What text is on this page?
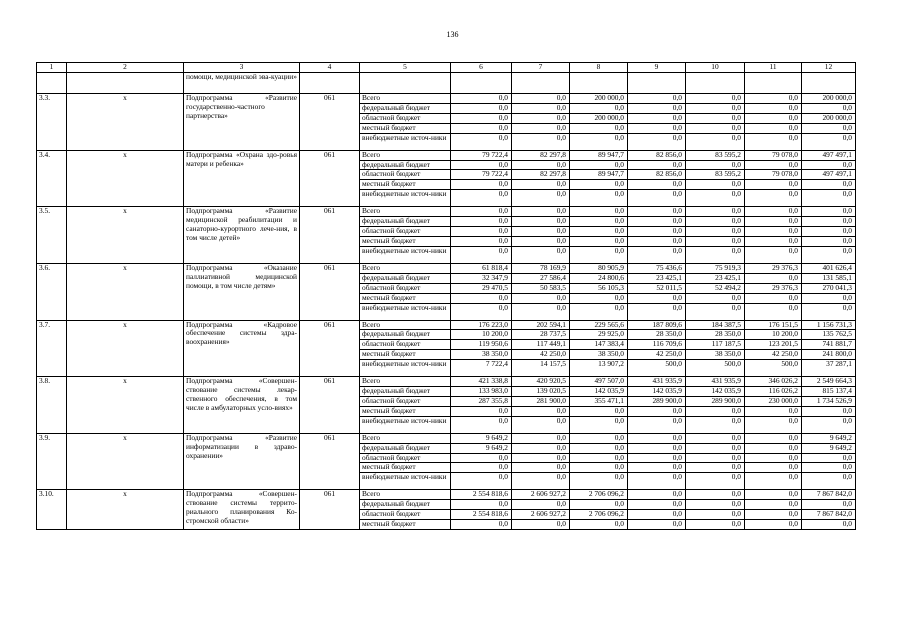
136
1	2	3	4	5	6	7	8	9	10	11	12
		помощи, медицинской эва-куации»									
3.3.	х	Подпрограмма «Развитие государственно-частного партнерства»	061	Всего	0,0	0,0	200 000,0	0,0	0,0	0,0	200 000,0
				федеральный бюджет	0,0	0,0	0,0	0,0	0,0	0,0	0,0
				областной бюджет	0,0	0,0	200 000,0	0,0	0,0	0,0	200 000,0
				местный бюджет	0,0	0,0	0,0	0,0	0,0	0,0	0,0
				внебюджетные источ-ники	0,0	0,0	0,0	0,0	0,0	0,0	0,0
3.4.	х	Подпрограмма «Охрана здо-ровья матери и ребенка»	061	Всего	79 722,4	82 297,8	89 947,7	82 856,0	83 595,2	79 078,0	497 497,1
				федеральный бюджет	0,0	0,0	0,0	0,0	0,0	0,0	0,0
				областной бюджет	79 722,4	82 297,8	89 947,7	82 856,0	83 595,2	79 078,0	497 497,1
				местный бюджет	0,0	0,0	0,0	0,0	0,0	0,0	0,0
				внебюджетные источ-ники	0,0	0,0	0,0	0,0	0,0	0,0	0,0
3.5.	х	Подпрограмма «Развитие медицинской реабилитации и санаторно-курортного лече-ния, в том числе детей»	061	Всего	0,0	0,0	0,0	0,0	0,0	0,0	0,0
				федеральный бюджет	0,0	0,0	0,0	0,0	0,0	0,0	0,0
				областной бюджет	0,0	0,0	0,0	0,0	0,0	0,0	0,0
				местный бюджет	0,0	0,0	0,0	0,0	0,0	0,0	0,0
				внебюджетные источ-ники	0,0	0,0	0,0	0,0	0,0	0,0	0,0
3.6.	х	Подпрограмма «Оказание паллиативной медицинской помощи, в том числе детям»	061	Всего	61 818,4	78 169,9	80 905,9	75 436,6	75 919,3	29 376,3	401 626,4
				федеральный бюджет	32 347,9	27 586,4	24 800,6	23 425,1	23 425,1	0,0	131 585,1
				областной бюджет	29 470,5	50 583,5	56 105,3	52 011,5	52 494,2	29 376,3	270 041,3
				местный бюджет	0,0	0,0	0,0	0,0	0,0	0,0	0,0
				внебюджетные источ-ники	0,0	0,0	0,0	0,0	0,0	0,0	0,0
3.7.	х	Подпрограмма «Кадровое обеспечение системы здра-воохранения»	061	Всего	176 223,0	202 594,1	229 565,6	187 809,6	184 387,5	176 151,5	1 156 731,3
				федеральный бюджет	10 200,0	28 737,5	29 925,0	28 350,0	28 350,0	10 200,0	135 762,5
				областной бюджет	119 950,6	117 449,1	147 383,4	116 709,6	117 187,5	123 201,5	741 881,7
				местный бюджет	38 350,0	42 250,0	38 350,0	42 250,0	38 350,0	42 250,0	241 800,0
				внебюджетные источ-ники	7 722,4	14 157,5	13 907,2	500,0	500,0	500,0	37 287,1
3.8.	х	Подпрограмма «Совершен-ствование системы лекар-ственного обеспечения, в том числе в амбулаторных усло-виях»	061	Всего	421 338,8	420 920,5	497 507,0	431 935,9	431 935,9	346 026,2	2 549 664,3
				федеральный бюджет	133 983,0	139 020,5	142 035,9	142 035,9	142 035,9	116 026,2	815 137,4
				областной бюджет	287 355,8	281 900,0	355 471,1	289 900,0	289 900,0	230 000,0	1 734 526,9
				местный бюджет	0,0	0,0	0,0	0,0	0,0	0,0	0,0
				внебюджетные источ-ники	0,0	0,0	0,0	0,0	0,0	0,0	0,0
3.9.	х	Подпрограмма «Развитие информатизации в здраво-охранении»	061	Всего	9 649,2	0,0	0,0	0,0	0,0	0,0	9 649,2
				федеральный бюджет	9 649,2	0,0	0,0	0,0	0,0	0,0	9 649,2
				областной бюджет	0,0	0,0	0,0	0,0	0,0	0,0	0,0
				местный бюджет	0,0	0,0	0,0	0,0	0,0	0,0	0,0
				внебюджетные источ-ники	0,0	0,0	0,0	0,0	0,0	0,0	0,0
3.10.	х	Подпрограмма «Совершен-ствование системы террито-риального планирования Ко-стромской области»	061	Всего	2 554 818,6	2 606 927,2	2 706 096,2	0,0	0,0	0,0	7 867 842,0
				федеральный бюджет	0,0	0,0	0,0	0,0	0,0	0,0	0,0
				областной бюджет	2 554 818,6	2 606 927,2	2 706 096,2	0,0	0,0	0,0	7 867 842,0
				местный бюджет	0,0	0,0	0,0	0,0	0,0	0,0	0,0
